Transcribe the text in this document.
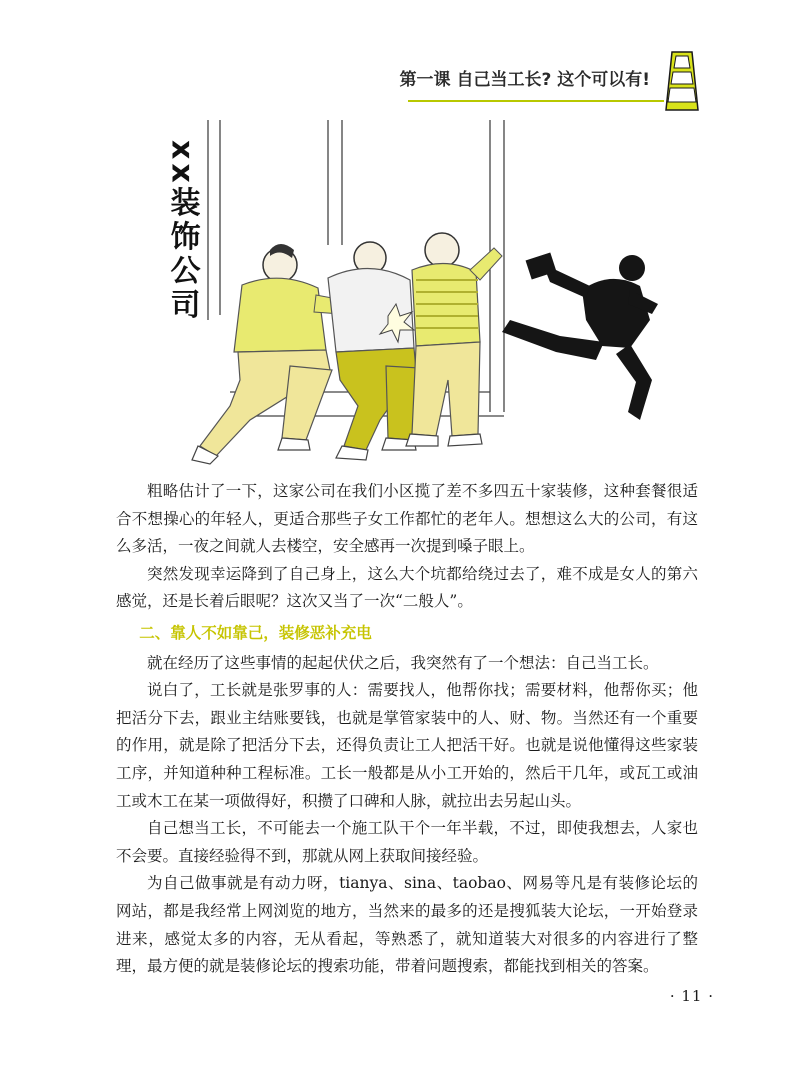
第一课 自己当工长? 这个可以有!
xx装饰公司

粗略估计了一下，这家公司在我们小区揽了差不多四五十家装修，这种套餐很适合不想操心的年轻人，更适合那些子女工作都忙的老年人。想想这么大的公司，有这么多活，一夜之间就人去楼空，安全感再一次提到嗓子眼上。

突然发现幸运降到了自己身上，这么大个坑都给绕过去了，难不成是女人的第六感觉，还是长着后眼呢？这次又当了一次“二般人”。

二、靠人不如靠己，装修恶补充电

就在经历了这些事情的起起伏伏之后，我突然有了一个想法：自己当工长。

说白了，工长就是张罗事的人：需要找人，他帮你找；需要材料，他帮你买；他把活分下去，跟业主结账要钱，也就是掌管家装中的人、财、物。当然还有一个重要的作用，就是除了把活分下去，还得负责让工人把活干好。也就是说他懂得这些家装工序，并知道种种工程标准。工长一般都是从小工开始的，然后干几年，或瓦工或油工或木工在某一项做得好，积攒了口碑和人脉，就拉出去另起山头。

自己想当工长，不可能去一个施工队干个一年半载，不过，即使我想去，人家也不会要。直接经验得不到，那就从网上获取间接经验。

为自己做事就是有动力呀，tianya、sina、taobao、网易等凡是有装修论坛的网站，都是我经常上网浏览的地方，当然来的最多的还是搜狐装大论坛，一开始登录进来，感觉太多的内容，无从看起，等熟悉了，就知道装大对很多的内容进行了整理，最方便的就是装修论坛的搜索功能，带着问题搜索，都能找到相关的答案。

· 11 ·
